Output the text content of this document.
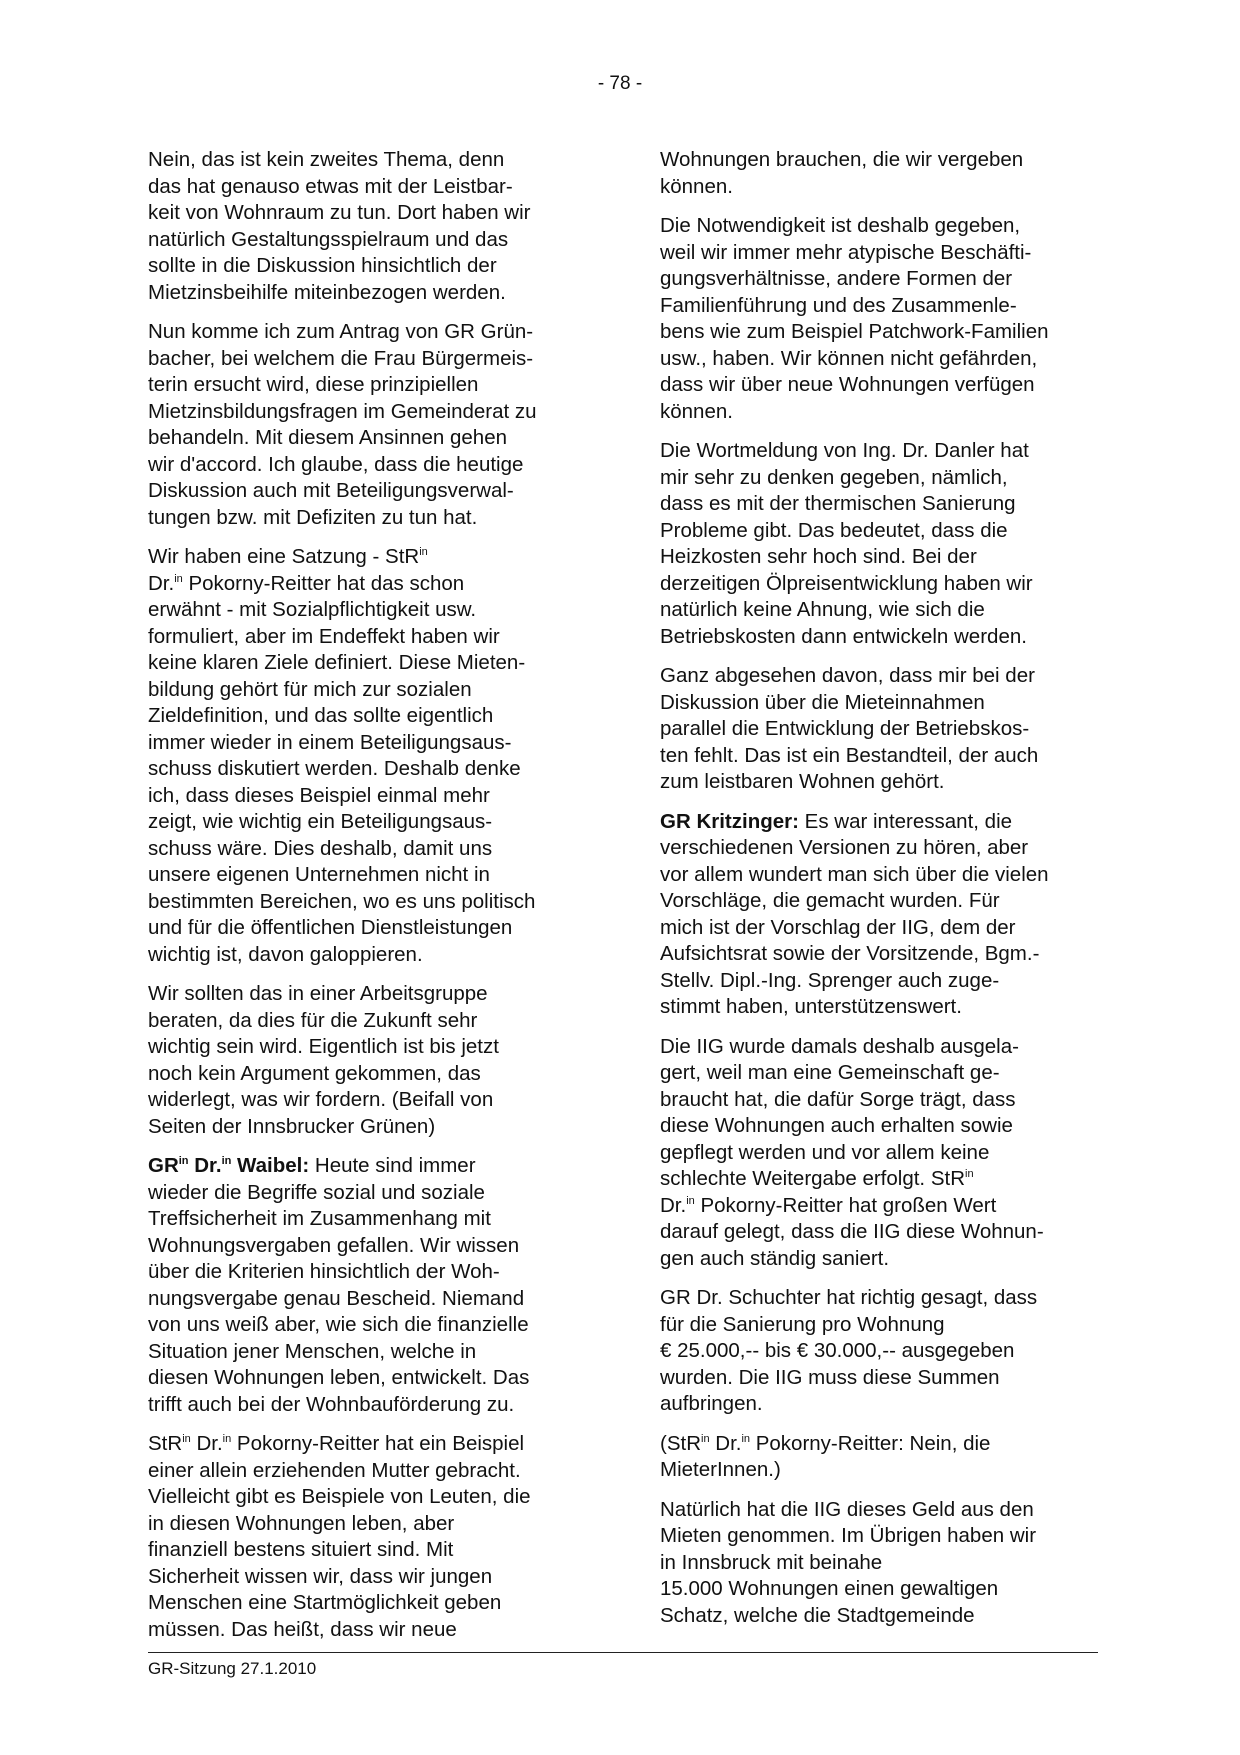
- 78 -

Nein, das ist kein zweites Thema, denn
das hat genauso etwas mit der Leistbar-
keit von Wohnraum zu tun. Dort haben wir
natürlich Gestaltungsspielraum und das
sollte in die Diskussion hinsichtlich der
Mietzinsbeihilfe miteinbezogen werden.

Nun komme ich zum Antrag von GR Grün-
bacher, bei welchem die Frau Bürgermeis-
terin ersucht wird, diese prinzipiellen
Mietzinsbildungsfragen im Gemeinderat zu
behandeln. Mit diesem Ansinnen gehen
wir d'accord. Ich glaube, dass die heutige
Diskussion auch mit Beteiligungsverwal-
tungen bzw. mit Defiziten zu tun hat.

Wir haben eine Satzung - StR$^{in}$
Dr.$^{in}$ Pokorny-Reitter hat das schon
erwähnt - mit Sozialpflichtigkeit usw.
formuliert, aber im Endeffekt haben wir
keine klaren Ziele definiert. Diese Mieten-
bildung gehört für mich zur sozialen
Zieldefinition, und das sollte eigentlich
immer wieder in einem Beteiligungsaus-
schuss diskutiert werden. Deshalb denke
ich, dass dieses Beispiel einmal mehr
zeigt, wie wichtig ein Beteiligungsaus-
schuss wäre. Dies deshalb, damit uns
unsere eigenen Unternehmen nicht in
bestimmten Bereichen, wo es uns politisch
und für die öffentlichen Dienstleistungen
wichtig ist, davon galoppieren.

Wir sollten das in einer Arbeitsgruppe
beraten, da dies für die Zukunft sehr
wichtig sein wird. Eigentlich ist bis jetzt
noch kein Argument gekommen, das
widerlegt, was wir fordern. (Beifall von
Seiten der Innsbrucker Grünen)

$GR^{in}$ Dr.$^{in}$ Waibel: Heute sind immer
wieder die Begriffe sozial und soziale
Treffsicherheit im Zusammenhang mit
Wohnungsvergaben gefallen. Wir wissen
über die Kriterien hinsichtlich der Woh-
nungsvergabe genau Bescheid. Niemand
von uns weiß aber, wie sich die finanzielle
Situation jener Menschen, welche in
diesen Wohnungen leben, entwickelt. Das
trifft auch bei der Wohnbauförderung zu.

StR$^{in}$ Dr.$^{in}$ Pokorny-Reitter hat ein Beispiel
einer allein erziehenden Mutter gebracht.
Vielleicht gibt es Beispiele von Leuten, die
in diesen Wohnungen leben, aber
finanziell bestens situiert sind. Mit
Sicherheit wissen wir, dass wir jungen
Menschen eine Startmöglichkeit geben
müssen. Das heißt, dass wir neue

Wohnungen brauchen, die wir vergeben
können.

Die Notwendigkeit ist deshalb gegeben,
weil wir immer mehr atypische Beschäfti-
gungsverhältnisse, andere Formen der
Familienführung und des Zusammenle-
bens wie zum Beispiel Patchwork-Familien
usw., haben. Wir können nicht gefährden,
dass wir über neue Wohnungen verfügen
können.

Die Wortmeldung von Ing. Dr. Danler hat
mir sehr zu denken gegeben, nämlich,
dass es mit der thermischen Sanierung
Probleme gibt. Das bedeutet, dass die
Heizkosten sehr hoch sind. Bei der
derzeitigen Ölpreisentwicklung haben wir
natürlich keine Ahnung, wie sich die
Betriebskosten dann entwickeln werden.

Ganz abgesehen davon, dass mir bei der
Diskussion über die Mieteinnahmen
parallel die Entwicklung der Betriebskos-
ten fehlt. Das ist ein Bestandteil, der auch
zum leistbaren Wohnen gehört.

GR Kritzinger: Es war interessant, die
verschiedenen Versionen zu hören, aber
vor allem wundert man sich über die vielen
Vorschläge, die gemacht wurden. Für
mich ist der Vorschlag der IIG, dem der
Aufsichtsrat sowie der Vorsitzende, Bgm.-
Stellv. Dipl.-Ing. Sprenger auch zuge-
stimmt haben, unterstützenswert.

Die IIG wurde damals deshalb ausgela-
gert, weil man eine Gemeinschaft ge-
braucht hat, die dafür Sorge trägt, dass
diese Wohnungen auch erhalten sowie
gepflegt werden und vor allem keine
schlechte Weitergabe erfolgt. StR$^{in}$
Dr.$^{in}$ Pokorny-Reitter hat großen Wert
darauf gelegt, dass die IIG diese Wohnun-
gen auch ständig saniert.

GR Dr. Schuchter hat richtig gesagt, dass
für die Sanierung pro Wohnung
€ 25.000,-- bis € 30.000,-- ausgegeben
wurden. Die IIG muss diese Summen
aufbringen.

(StR$^{in}$ Dr.$^{in}$ Pokorny-Reitter: Nein, die
MieterInnen.)

Natürlich hat die IIG dieses Geld aus den
Mieten genommen. Im Übrigen haben wir
in Innsbruck mit beinahe
15.000 Wohnungen einen gewaltigen
Schatz, welche die Stadtgemeinde

GR-Sitzung 27.1.2010
